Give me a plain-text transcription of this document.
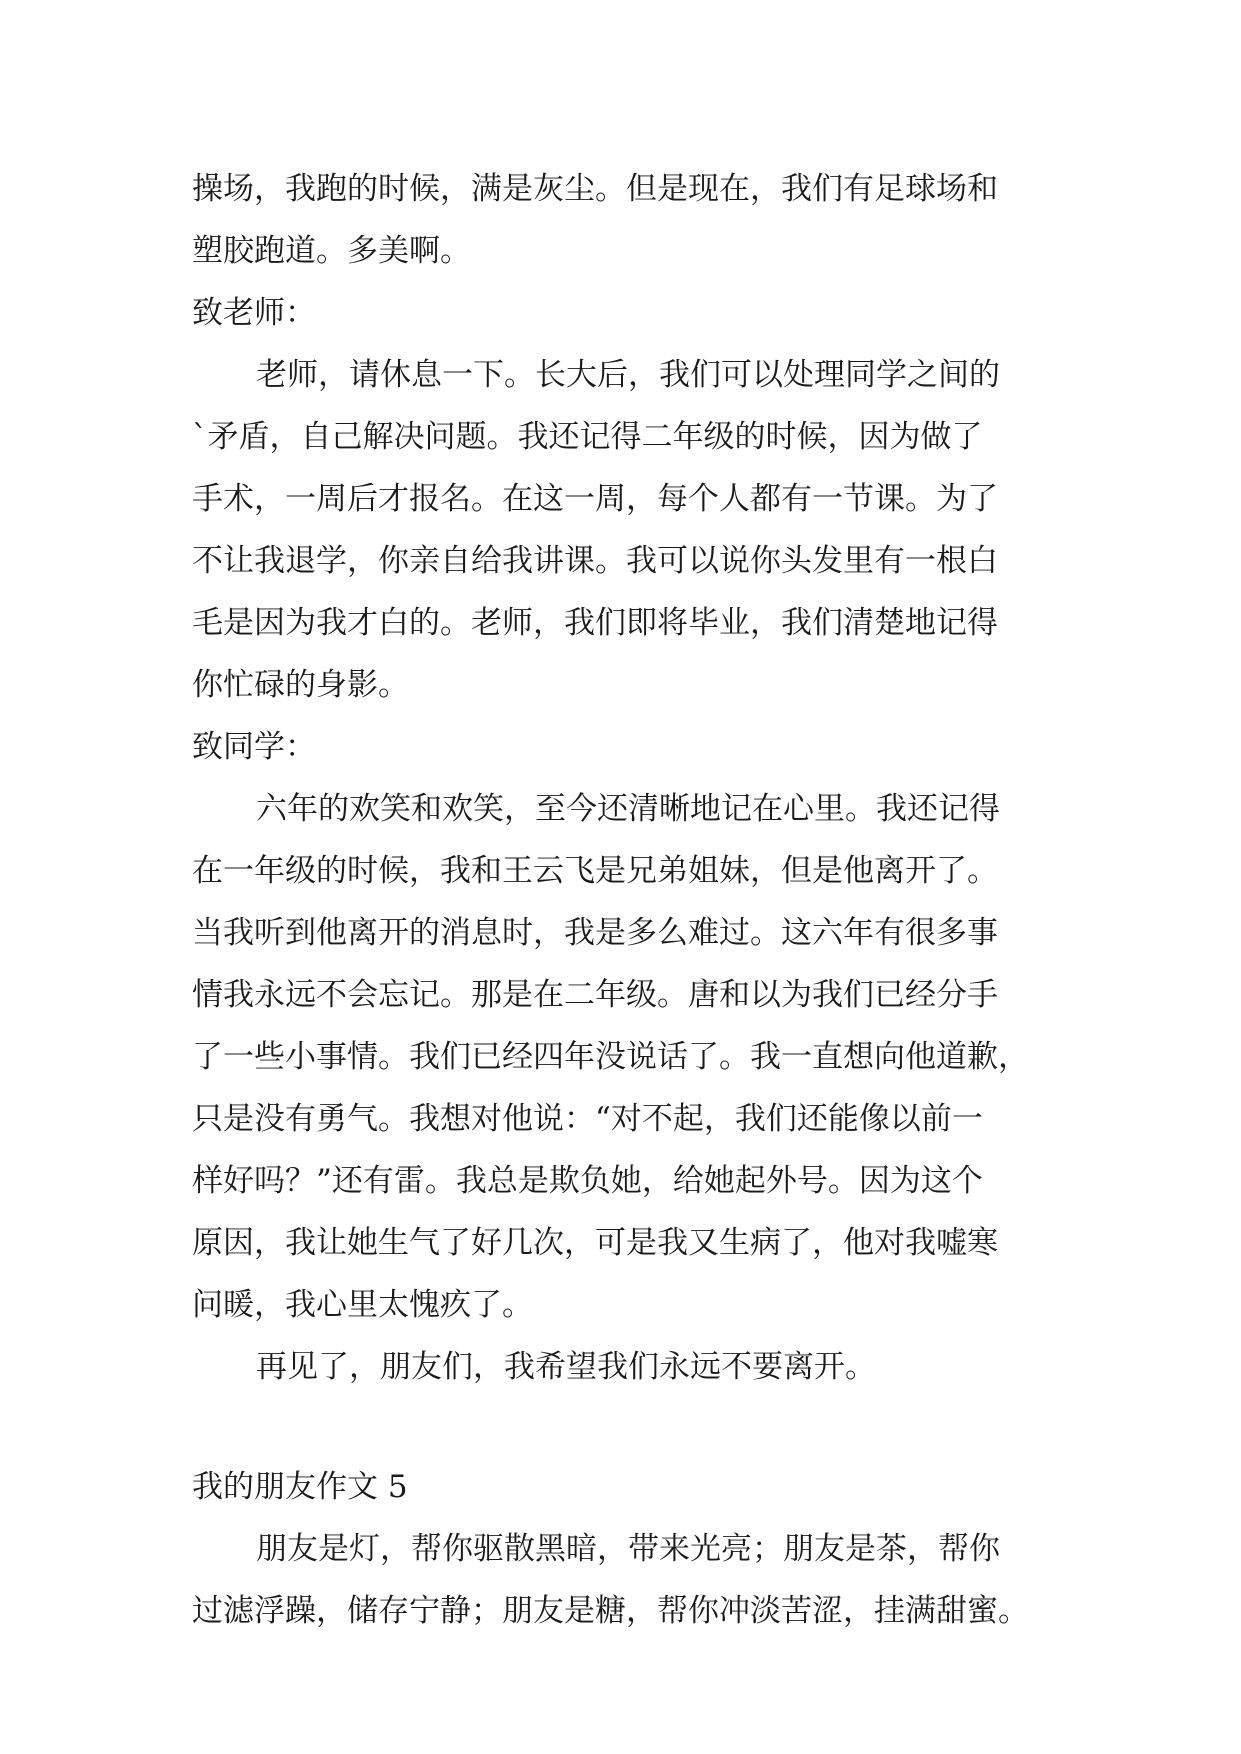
操场，我跑的时候，满是灰尘。但是现在，我们有足球场和
塑胶跑道。多美啊。
致老师：
老师，请休息一下。长大后，我们可以处理同学之间的
`矛盾，自己解决问题。我还记得二年级的时候，因为做了
手术，一周后才报名。在这一周，每个人都有一节课。为了
不让我退学，你亲自给我讲课。我可以说你头发里有一根白
毛是因为我才白的。老师，我们即将毕业，我们清楚地记得
你忙碌的身影。
致同学：
六年的欢笑和欢笑，至今还清晰地记在心里。我还记得
在一年级的时候，我和王云飞是兄弟姐妹，但是他离开了。
当我听到他离开的消息时，我是多么难过。这六年有很多事
情我永远不会忘记。那是在二年级。唐和以为我们已经分手
了一些小事情。我们已经四年没说话了。我一直想向他道歉，
只是没有勇气。我想对他说：“对不起，我们还能像以前一
样好吗？”还有雷。我总是欺负她，给她起外号。因为这个
原因，我让她生气了好几次，可是我又生病了，他对我嘘寒
问暖，我心里太愧疚了。
再见了，朋友们，我希望我们永远不要离开。
我的朋友作文 5
朋友是灯，帮你驱散黑暗，带来光亮；朋友是茶，帮你
过滤浮躁，储存宁静；朋友是糖，帮你冲淡苦涩，挂满甜蜜。
